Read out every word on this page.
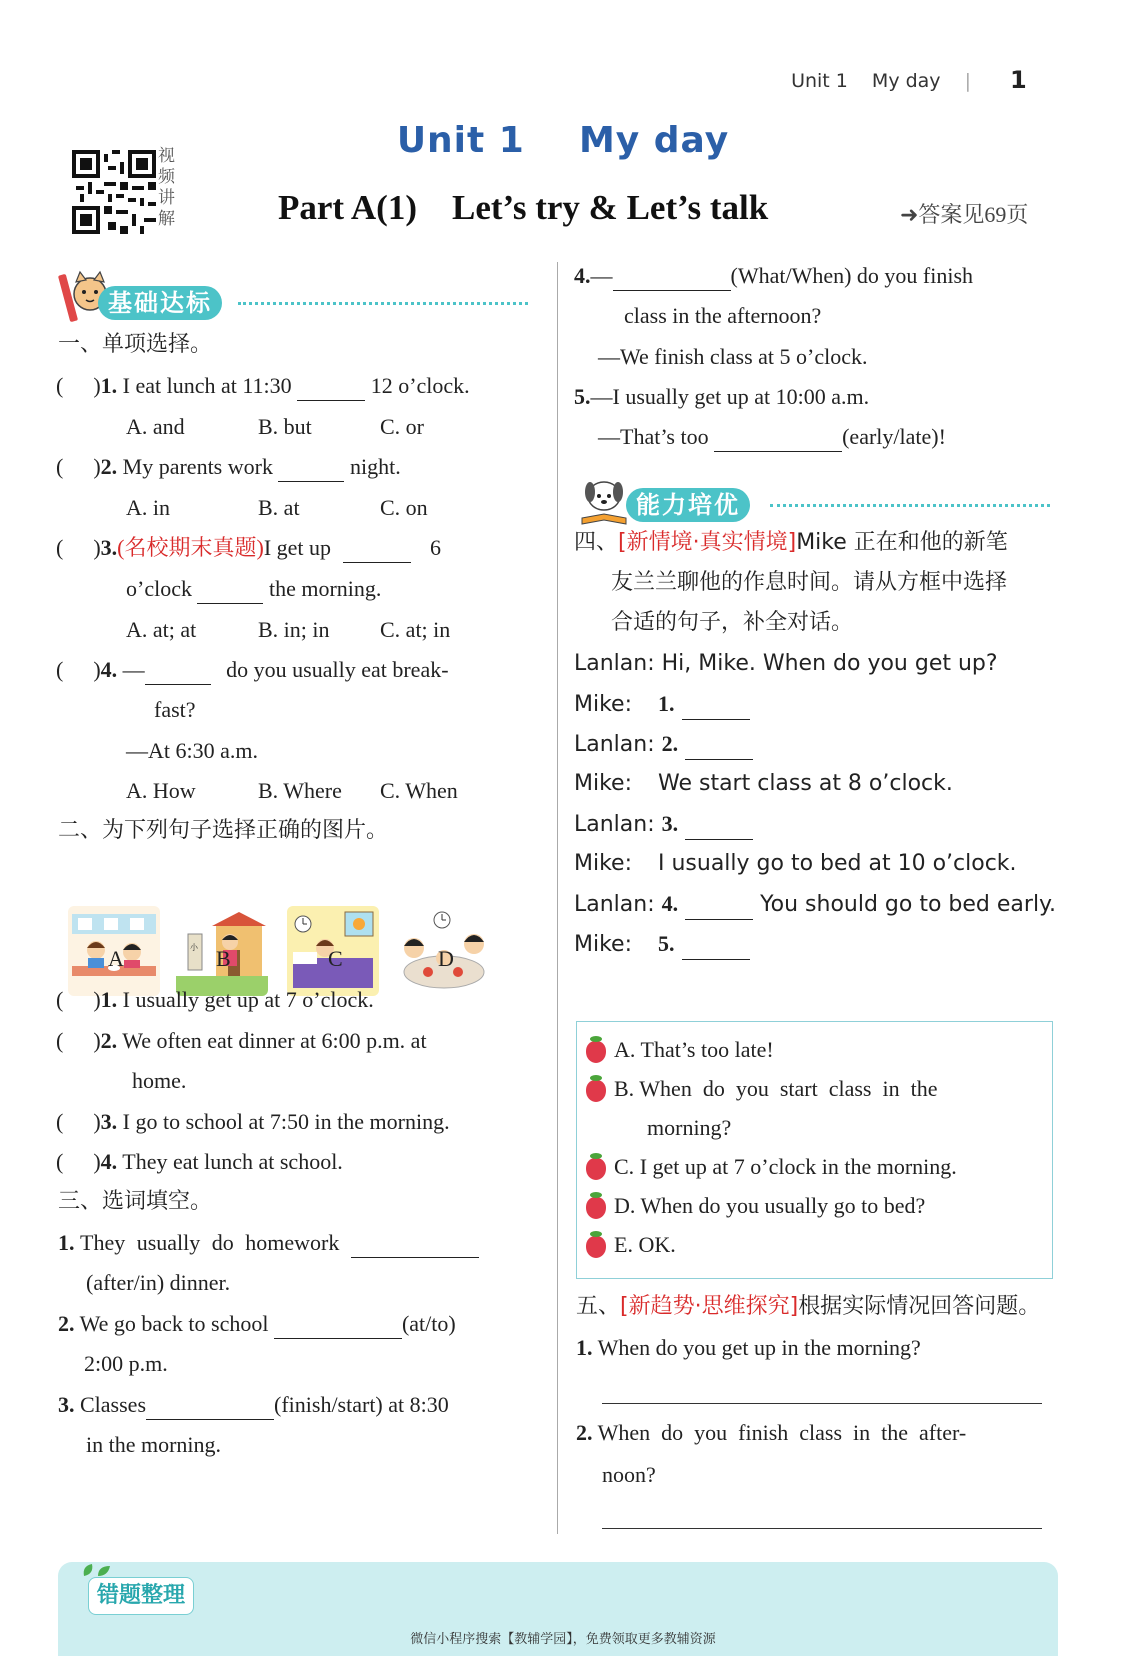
Unit 1 My day | 1
视频讲解
Unit 1    My day
Part A(1)    Let’s try & Let’s talk	➜答案见69页
基础达标
一、单项选择。
( )1. I eat lunch at 11:30	12 o’clock.
A. and	B. but	C. or
( )2. My parents work	night.
A. in	B. at	C. on
( )3.(名校期末真题)I get up	6
o’clock	the morning.
A. at; at	B. in; in C. at; in
( )4. —	do you usually eat break-
fast?
—At 6:30 a.m.
A. How	B. Where C. When
二、为下列句子选择正确的图片。
小
A	B	C	D
( )1. I usually get up at 7 o’clock.
( )2. We often eat dinner at 6:00 p.m. at
home.
( )3. I go to school at 7:50 in the morning.
( )4. They eat lunch at school.
三、选词填空。
1. They usually do homework
(after/in) dinner.
2. We go back to school	(at/to)
2:00 p.m.
3. Classes	(finish/start) at 8:30
in the morning.
4.—	(What/When) do you finish
class in the afternoon?
—We finish class at 5 o’clock.
5.—I usually get up at 10:00 a.m.
—That’s too	(early/late)!
能力培优
四、[新情境·真实情境]Mike 正在和他的新笔
友兰兰聊他的作息时间。请从方框中选择
合适的句子，补全对话。
Lanlan: Hi, Mike. When do you get up?
Mike: 1.
Lanlan: 2.
Mike: We start class at 8 o’clock.
Lanlan: 3.
Mike: I usually go to bed at 10 o’clock.
Lanlan: 4.	You should go to bed early.
Mike: 5.
A. That’s too late!
B. When  do  you  start  class  in  the
morning?
C. I get up at 7 o’clock in the morning.
D. When do you usually go to bed?
E. OK.
五、[新趋势·思维探究]根据实际情况回答问题。
1. When do you get up in the morning?
2. When  do  you  finish  class  in  the  after-
noon?
错题整理
微信小程序搜索【教辅学园】，免费领取更多教辅资源
